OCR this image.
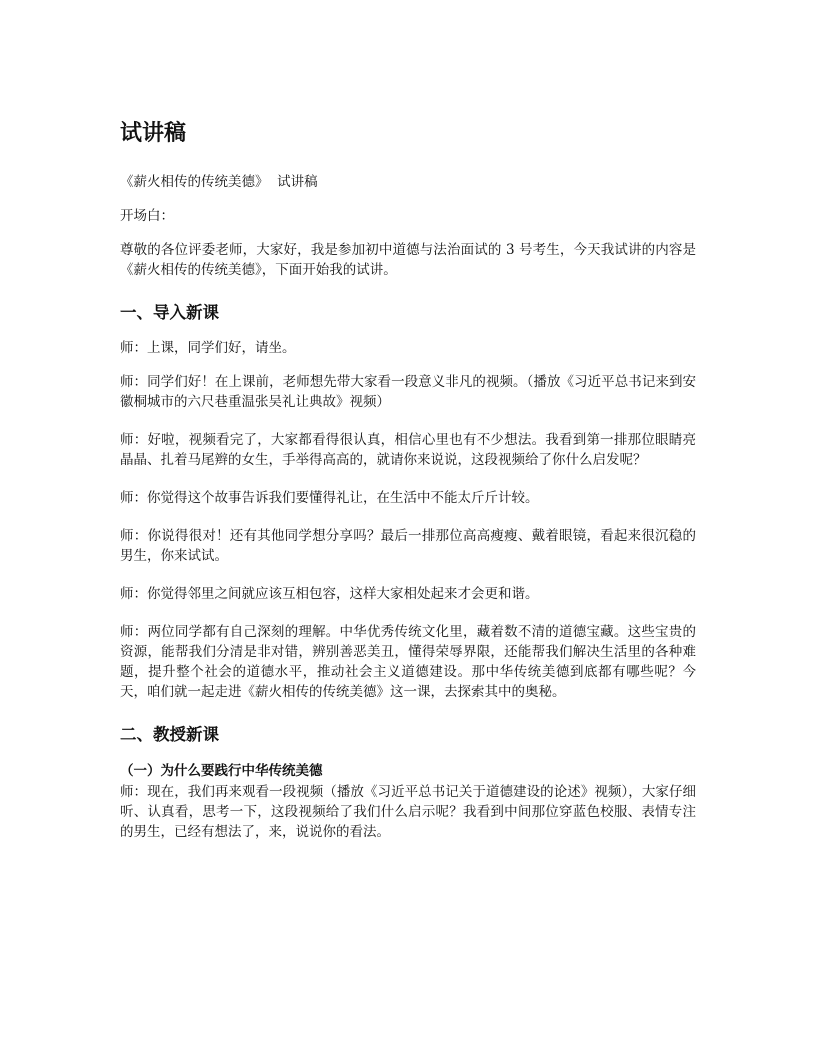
试讲稿

《薪火相传的传统美德》  试讲稿

开场白：

尊敬的各位评委老师，大家好，我是参加初中道德与法治面试的 3 号考生，今天我试讲的内容是《薪火相传的传统美德》，下面开始我的试讲。

一、导入新课

师：上课，同学们好，请坐。

师：同学们好！在上课前，老师想先带大家看一段意义非凡的视频。（播放《习近平总书记来到安徽桐城市的六尺巷重温张吴礼让典故》视频）

师：好啦，视频看完了，大家都看得很认真，相信心里也有不少想法。我看到第一排那位眼睛亮晶晶、扎着马尾辫的女生，手举得高高的，就请你来说说，这段视频给了你什么启发呢？

师：你觉得这个故事告诉我们要懂得礼让，在生活中不能太斤斤计较。

师：你说得很对！还有其他同学想分享吗？最后一排那位高高瘦瘦、戴着眼镜，看起来很沉稳的男生，你来试试。

师：你觉得邻里之间就应该互相包容，这样大家相处起来才会更和谐。

师：两位同学都有自己深刻的理解。中华优秀传统文化里，藏着数不清的道德宝藏。这些宝贵的资源，能帮我们分清是非对错，辨别善恶美丑，懂得荣辱界限，还能帮我们解决生活里的各种难题，提升整个社会的道德水平，推动社会主义道德建设。那中华传统美德到底都有哪些呢？今天，咱们就一起走进《薪火相传的传统美德》这一课，去探索其中的奥秘。

二、教授新课
（一）为什么要践行中华传统美德

师：现在，我们再来观看一段视频（播放《习近平总书记关于道德建设的论述》视频），大家仔细听、认真看，思考一下，这段视频给了我们什么启示呢？我看到中间那位穿蓝色校服、表情专注的男生，已经有想法了，来，说说你的看法。
